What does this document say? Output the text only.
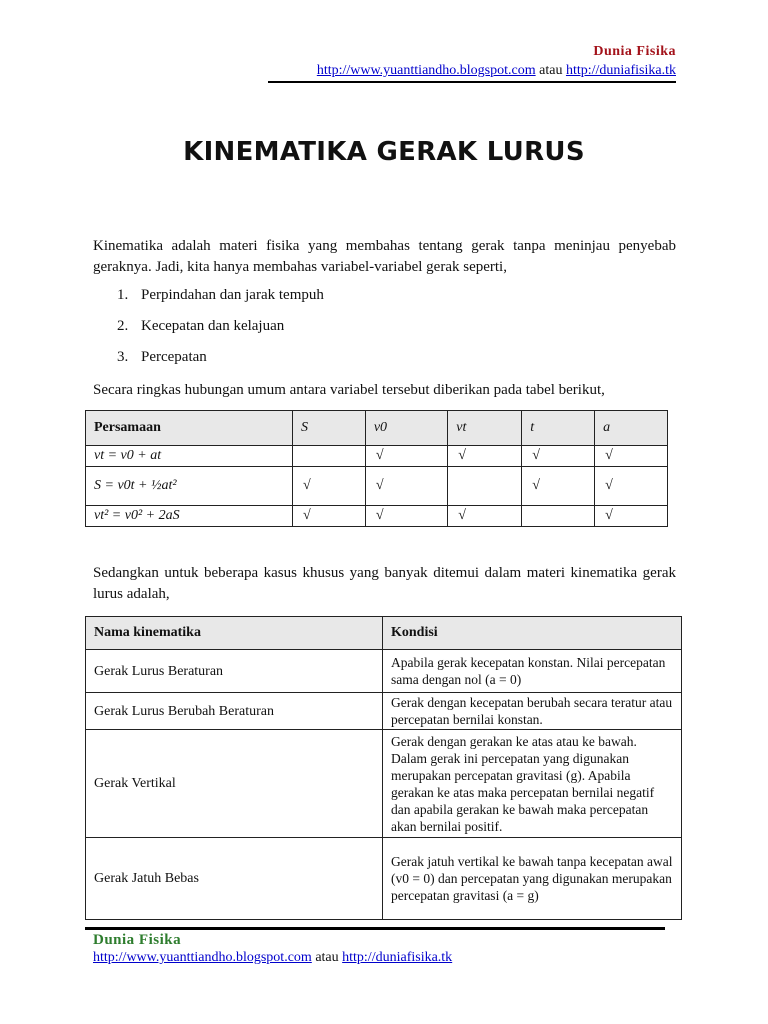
Dunia Fisika
http://www.yuanttiandho.blogspot.com atau http://duniafisika.tk
KINEMATIKA GERAK LURUS
Kinematika adalah materi fisika yang membahas tentang gerak tanpa meninjau penyebab geraknya. Jadi, kita hanya membahas variabel-variabel gerak seperti,
1. Perpindahan dan jarak tempuh
2. Kecepatan dan kelajuan
3. Percepatan
Secara ringkas hubungan umum antara variabel tersebut diberikan pada tabel berikut,
Persamaan	S	v0	vt	t	a
vt = v0 + at		√	√	√	√
S = v0t + ½at²	√	√		√	√
vt² = v0² + 2aS	√	√	√		√
Sedangkan untuk beberapa kasus khusus yang banyak ditemui dalam materi kinematika gerak lurus adalah,
Nama kinematika	Kondisi
Gerak Lurus Beraturan	Apabila gerak kecepatan konstan. Nilai percepatan sama dengan nol (a = 0)
Gerak Lurus Berubah Beraturan	Gerak dengan kecepatan berubah secara teratur atau percepatan bernilai konstan.
Gerak Vertikal	Gerak dengan gerakan ke atas atau ke bawah. Dalam gerak ini percepatan yang digunakan merupakan percepatan gravitasi (g). Apabila gerakan ke atas maka percepatan bernilai negatif dan apabila gerakan ke bawah maka percepatan akan bernilai positif.
Gerak Jatuh Bebas	Gerak jatuh vertikal ke bawah tanpa kecepatan awal (v0 = 0) dan percepatan yang digunakan merupakan percepatan gravitasi (a = g)
Dunia Fisika
http://www.yuanttiandho.blogspot.com atau http://duniafisika.tk
